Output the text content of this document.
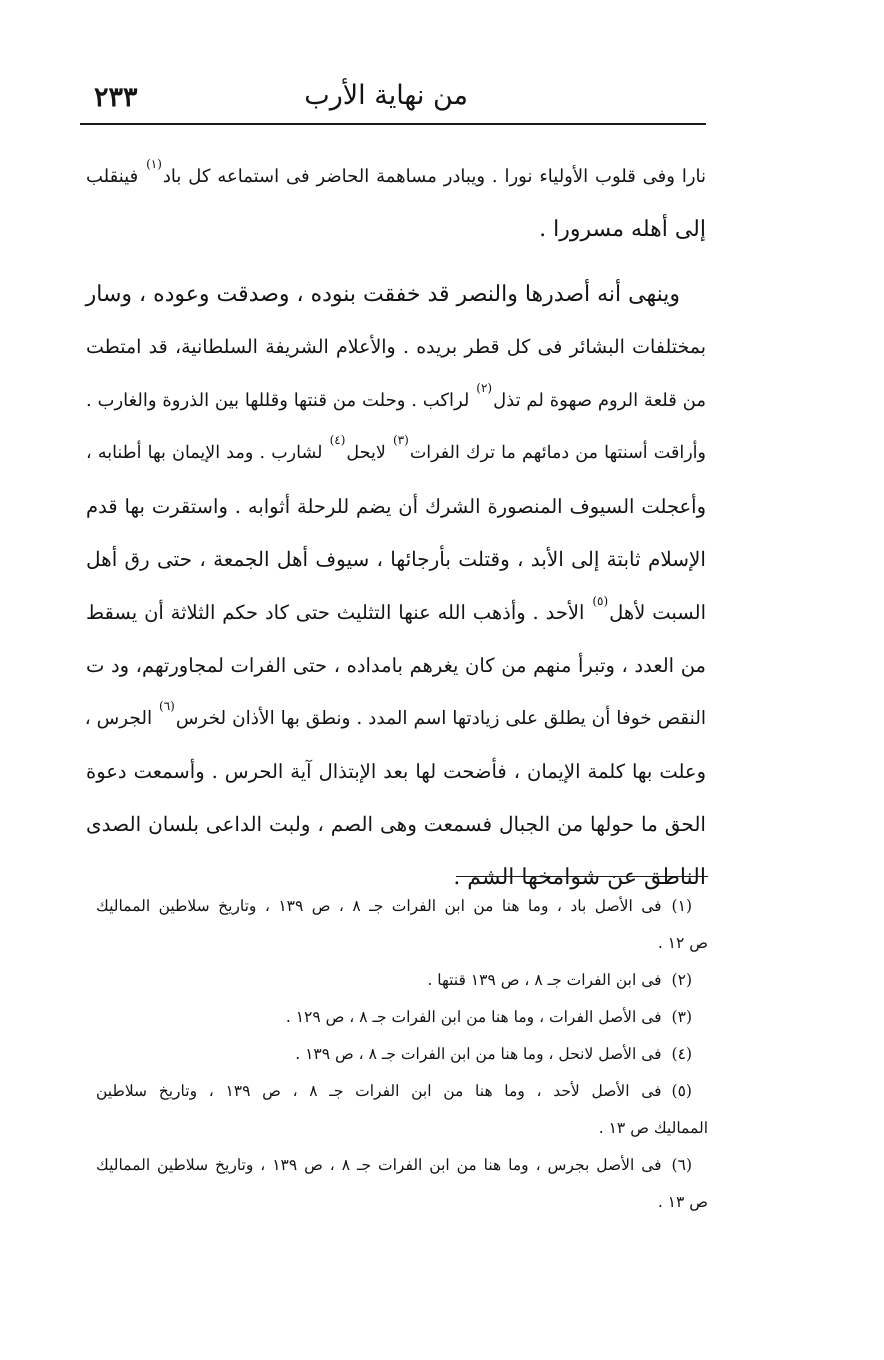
٢٣٣	من نهاية الأرب

نارا وفى قلوب الأولياء نورا . ويبادر مساهمة الحاضر فى استماعه كل باد$^{(١)}$ فينقلب
إلى أهله مسرورا .

وينهى أنه أصدرها والنصر قد خفقت بنوده ، وصدقت وعوده ، وسار
بمختلفات البشائر فى كل قطر بريده . والأعلام الشريفة السلطانية، قد امتطت
من قلعة الروم صهوة لم تذل$^{(٢)}$ لراكب . وحلت من قنتها وقللها بين الذروة والغارب .
وأراقت أسنتها من دمائهم ما ترك الفرات$^{(٣)}$ لايحل$^{(٤)}$ لشارب . ومد الإيمان بها أطنابه ،
وأعجلت السيوف المنصورة الشرك أن يضم للرحلة أثوابه . واستقرت بها قدم
الإسلام ثابتة إلى الأبد ، وقتلت بأرجائها ، سيوف أهل الجمعة ، حتى رق أهل
السبت لأهل$^{(٥)}$ الأحد . وأذهب الله عنها التثليث حتى كاد حكم الثلاثة أن يسقط
من العدد ، وتبرأ منهم من كان يغرهم بامداده ، حتى الفرات لمجاورتهم، ود ت
النقص خوفا أن يطلق على زيادتها اسم المدد . ونطق بها الأذان لخرس$^{(٦)}$ الجرس ،
وعلت بها كلمة الإيمان ، فأضحت لها بعد الإبتذال آية الحرس . وأسمعت دعوة
الحق ما حولها من الجبال فسمعت وهى الصم ، ولبت الداعى بلسان الصدى
الناطق عن شوامخها الشم .

(١)فى الأصل باد ، وما هنا من ابن الفرات جـ ٨ ، ص ١٣٩ ، وتاريخ سلاطين المماليك
ص ١٢ .

(٢)فى ابن الفرات جـ ٨ ، ص ١٣٩ قنتها .

(٣)فى الأصل الفرات ، وما هنا من ابن الفرات جـ ٨ ، ص ١٢٩ .

(٤)فى الأصل لانحل ، وما هنا من ابن الفرات جـ ٨ ، ص ١٣٩ .

(٥)فى الأصل لأحد ، وما هنا من ابن الفرات جـ ٨ ، ص ١٣٩ ، وتاريخ سلاطين
المماليك ص ١٣ .

(٦)فى الأصل بجرس ، وما هنا من ابن الفرات جـ ٨ ، ص ١٣٩ ، وتاريخ سلاطين المماليك
ص ١٣ .
